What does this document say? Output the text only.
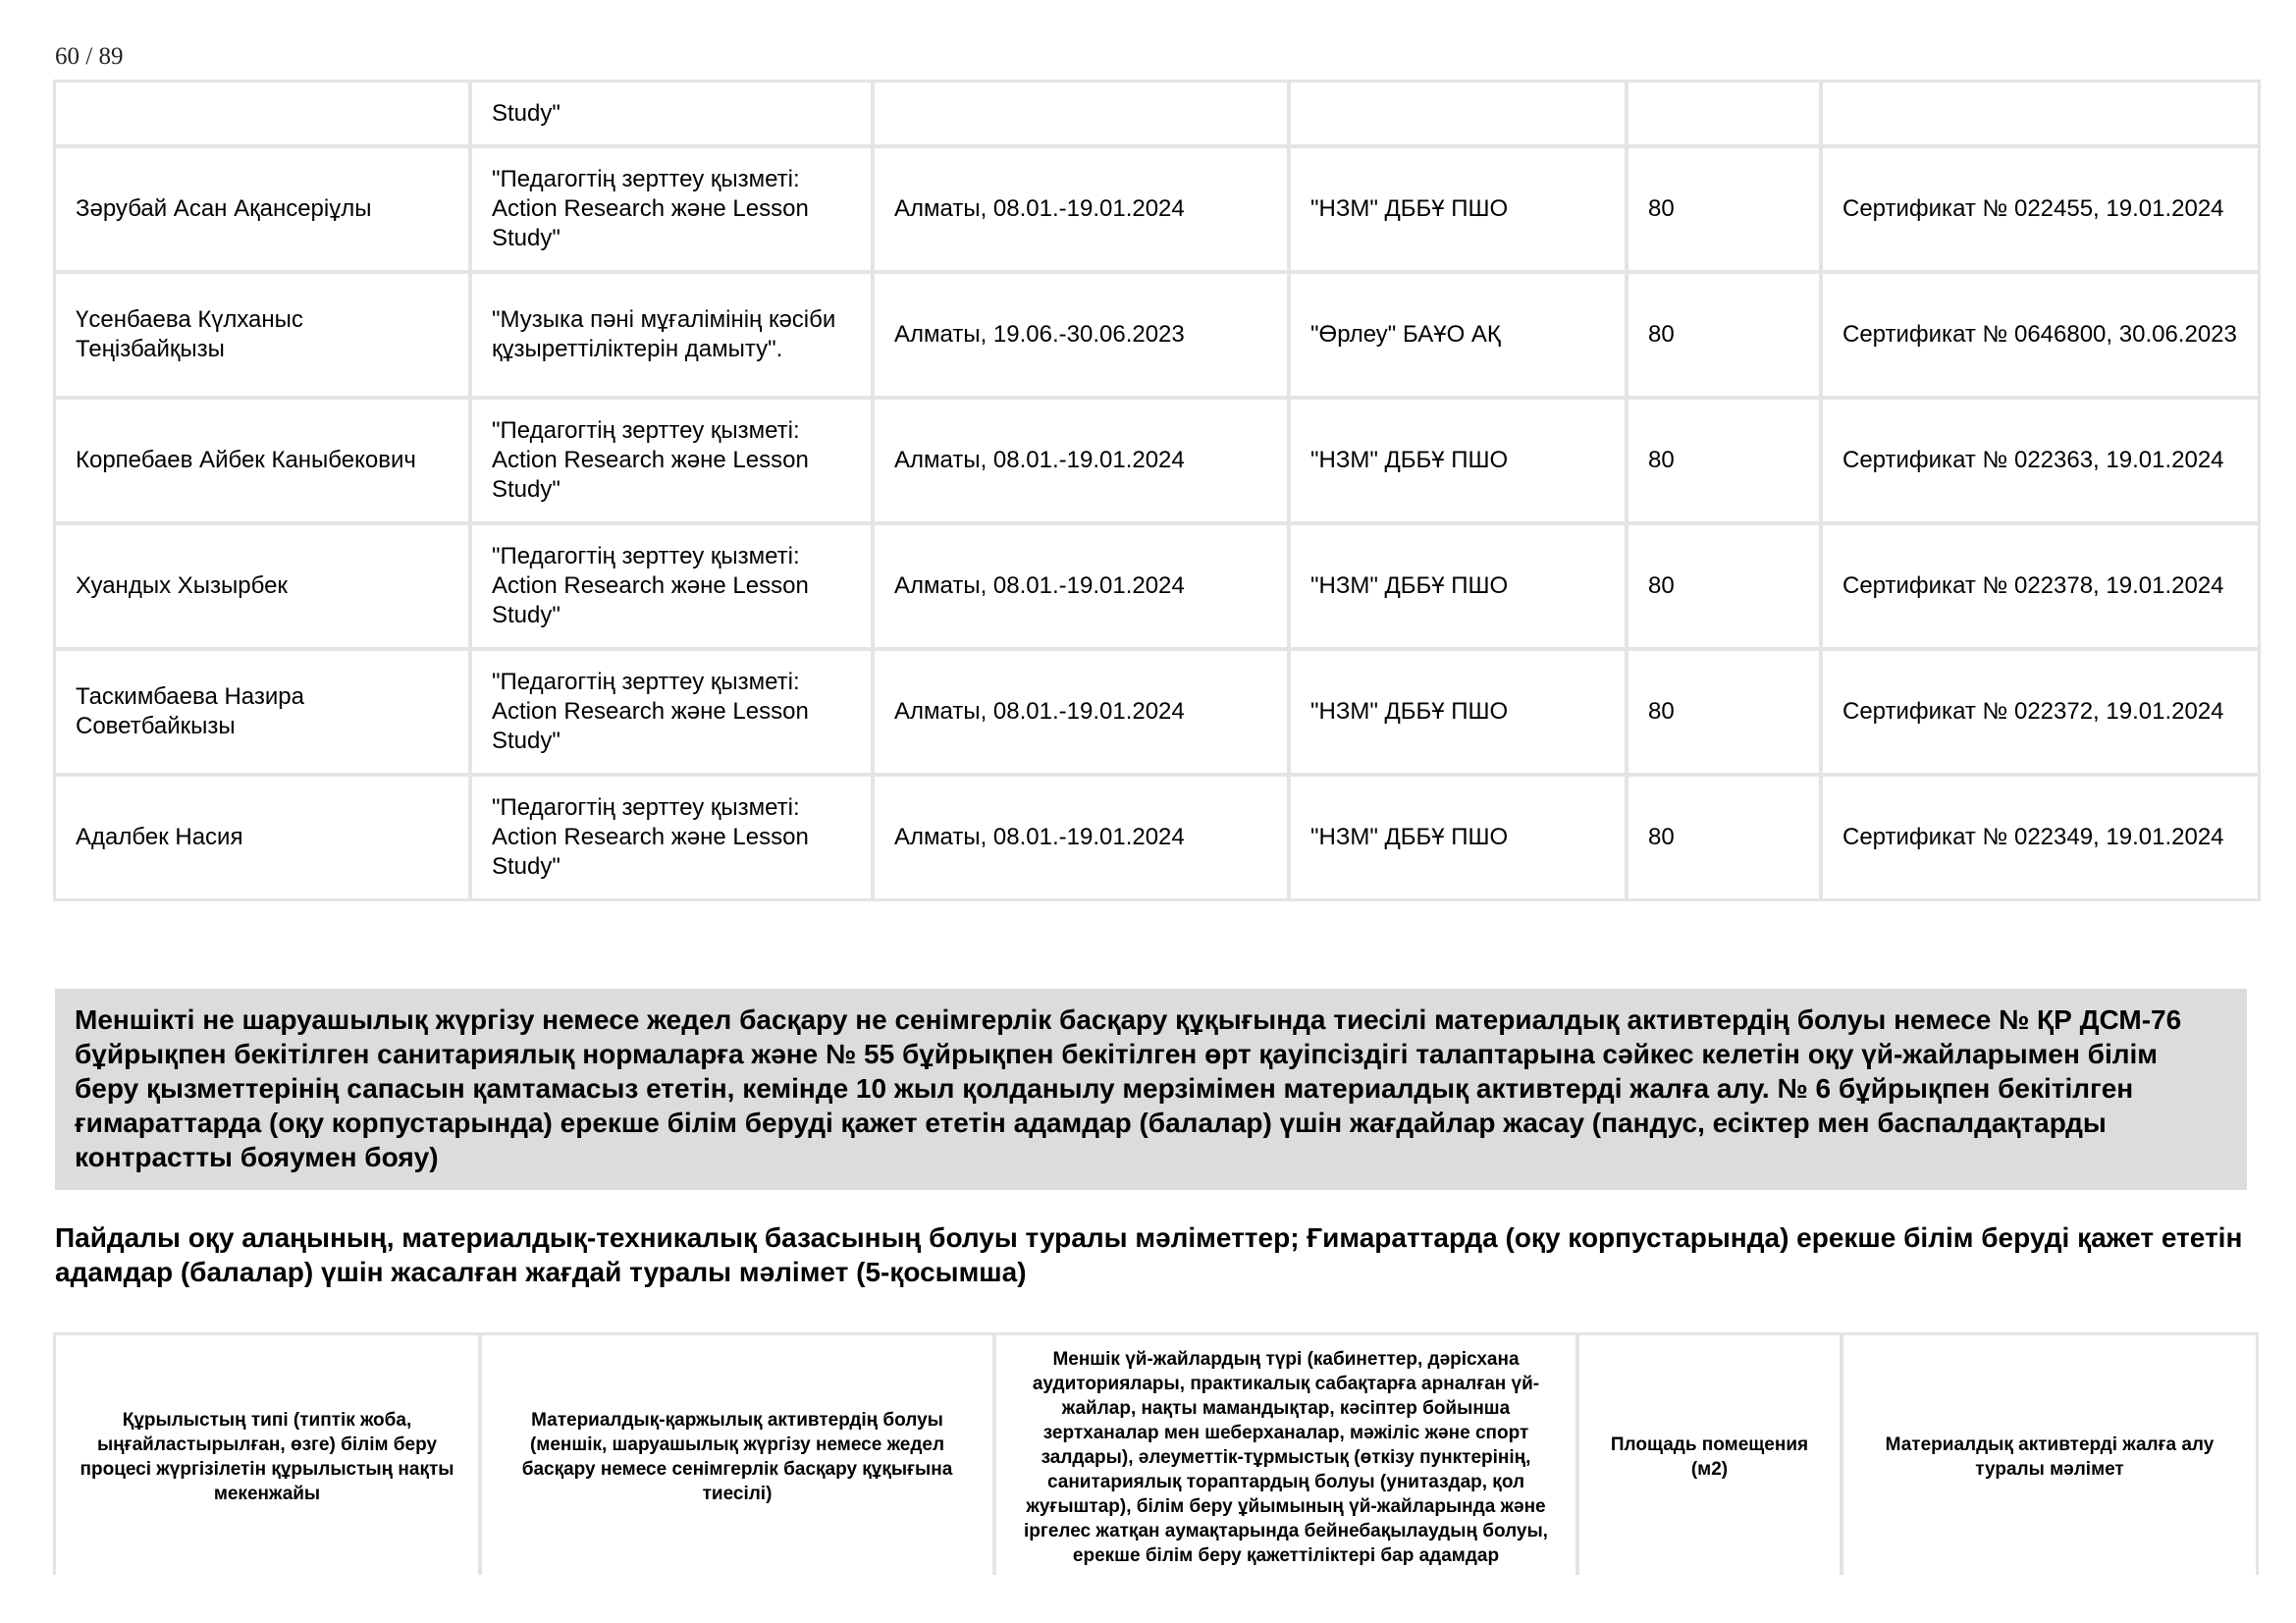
60 / 89
	Study"				
Зәрубай Асан Ақансеріұлы	"Педагогтің зерттеу қызметі: Action Research және Lesson Study"	Алматы, 08.01.-19.01.2024	"НЗМ" ДББҰ ПШО	80	Сертификат № 022455, 19.01.2024
Үсенбаева Күлханыс Теңізбайқызы	"Музыка пәні мұғалімінің кәсіби құзыреттіліктерін дамыту".	Алматы, 19.06.-30.06.2023	"Өрлеу" БАҰО АҚ	80	Сертификат № 0646800, 30.06.2023
Корпебаев Айбек Каныбекович	"Педагогтің зерттеу қызметі: Action Research және Lesson Study"	Алматы, 08.01.-19.01.2024	"НЗМ" ДББҰ ПШО	80	Сертификат № 022363, 19.01.2024
Хуандых Хызырбек	"Педагогтің зерттеу қызметі: Action Research және Lesson Study"	Алматы, 08.01.-19.01.2024	"НЗМ" ДББҰ ПШО	80	Сертификат № 022378, 19.01.2024
Таскимбаева Назира Советбайкызы	"Педагогтің зерттеу қызметі: Action Research және Lesson Study"	Алматы, 08.01.-19.01.2024	"НЗМ" ДББҰ ПШО	80	Сертификат № 022372, 19.01.2024
Адалбек Насия	"Педагогтің зерттеу қызметі: Action Research және Lesson Study"	Алматы, 08.01.-19.01.2024	"НЗМ" ДББҰ ПШО	80	Сертификат № 022349, 19.01.2024
Меншікті не шаруашылық жүргізу немесе жедел басқару не сенімгерлік басқару құқығында тиесілі материалдық активтердің болуы немесе № ҚР ДСМ-76 бұйрықпен бекітілген санитариялық нормаларға және № 55 бұйрықпен бекітілген өрт қауіпсіздігі талаптарына сәйкес келетін оқу үй-жайларымен білім беру қызметтерінің сапасын қамтамасыз ететін, кемінде 10 жыл қолданылу мерзімімен материалдық активтерді жалға алу. № 6 бұйрықпен бекітілген ғимараттарда (оқу корпустарында) ерекше білім беруді қажет ететін адамдар (балалар) үшін жағдайлар жасау (пандус, есіктер мен баспалдақтарды контрастты бояумен бояу)
Пайдалы оқу алаңының, материалдық-техникалық базасының болуы туралы мәліметтер; Ғимараттарда (оқу корпустарында) ерекше білім беруді қажет ететін адамдар (балалар) үшін жасалған жағдай туралы мәлімет (5-қосымша)
Құрылыстың типі (типтік жоба, ыңғайластырылған, өзге) білім беру процесі жүргізілетін құрылыстың нақты мекенжайы	Материалдық-қаржылық активтердің болуы (меншік, шаруашылық жүргізу немесе жедел басқару немесе сенімгерлік басқару құқығына тиесілі)	Меншік үй-жайлардың түрі (кабинеттер, дәрісхана аудиториялары, практикалық сабақтарға арналған үй-жайлар, нақты мамандықтар, кәсіптер бойынша зертханалар мен шеберханалар, мәжіліс және спорт залдары), әлеуметтік-тұрмыстық (өткізу пунктерінің, санитариялық тораптардың болуы (унитаздар, қол жуғыштар), білім беру ұйымының үй-жайларында және іргелес жатқан аумақтарында бейнебақылаудың болуы, ерекше білім беру қажеттіліктері бар адамдар	Площадь помещения (м2)	Материалдық активтерді жалға алу туралы мәлімет
